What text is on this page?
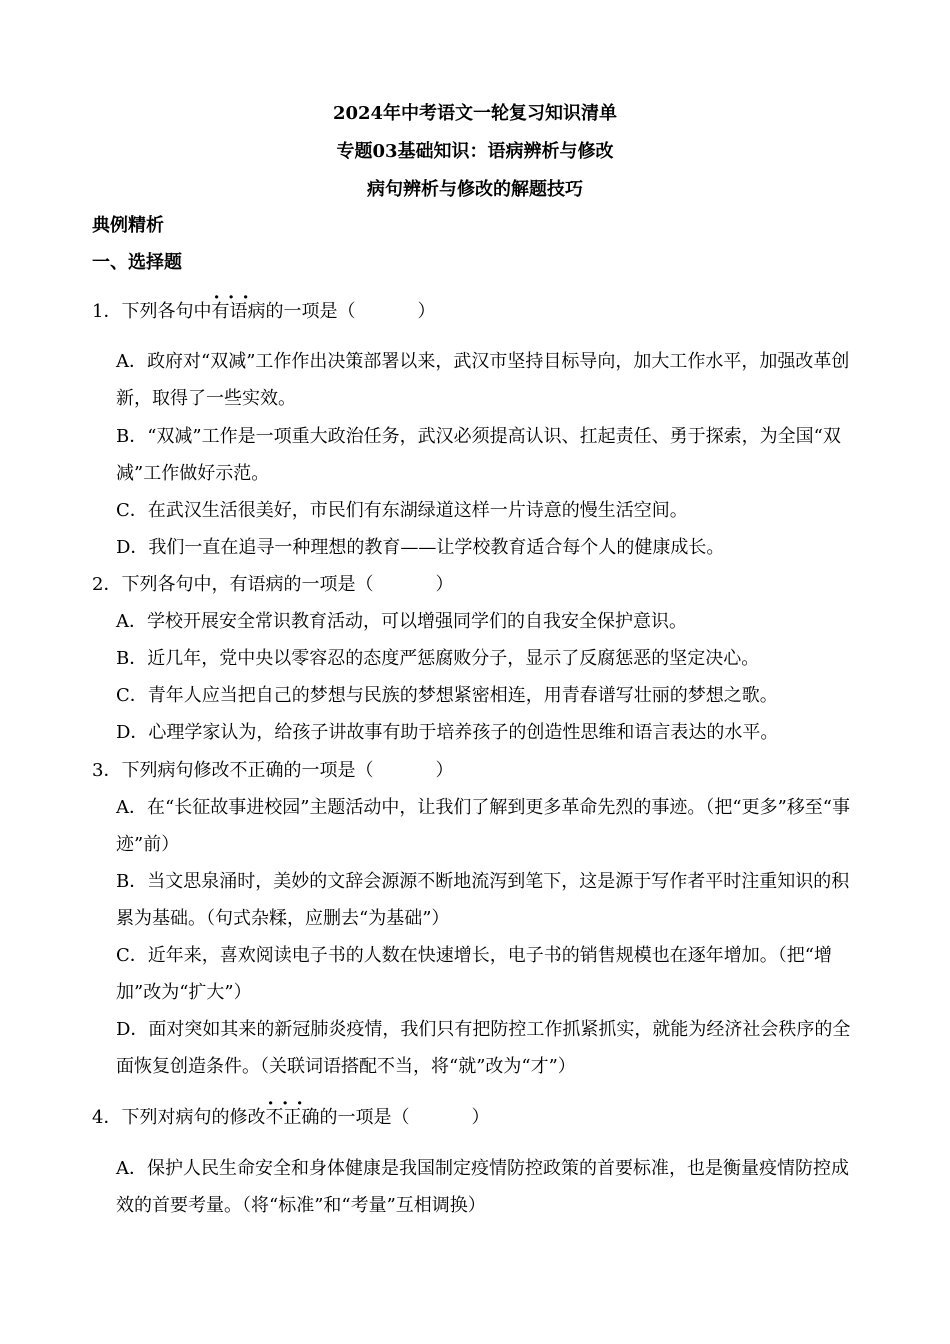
2024年中考语文一轮复习知识清单
专题03基础知识：语病辨析与修改
病句辨析与修改的解题技巧
典例精析
一、选择题
1．下列各句中· · · 有语病的一项是（	）
A．政府对“双减”工作作出决策部署以来，武汉市坚持目标导向，加大工作水平，加强改革创新，取得了一些实效。
B．“双减”工作是一项重大政治任务，武汉必须提高认识、扛起责任、勇于探索，为全国“双减”工作做好示范。
C．在武汉生活很美好，市民们有东湖绿道这样一片诗意的慢生活空间。
D．我们一直在追寻一种理想的教育——让学校教育适合每个人的健康成长。
2．下列各句中，有语病的一项是（	）
A．学校开展安全常识教育活动，可以增强同学们的自我安全保护意识。
B．近几年，党中央以零容忍的态度严惩腐败分子，显示了反腐惩恶的坚定决心。
C．青年人应当把自己的梦想与民族的梦想紧密相连，用青春谱写壮丽的梦想之歌。
D．心理学家认为，给孩子讲故事有助于培养孩子的创造性思维和语言表达的水平。
3．下列病句修改不正确的一项是（	）
A．在“长征故事进校园”主题活动中，让我们了解到更多革命先烈的事迹。（把“更多”移至“事迹”前）
B．当文思泉涌时，美妙的文辞会源源不断地流泻到笔下，这是源于写作者平时注重知识的积累为基础。（句式杂糅，应删去“为基础”）
C．近年来，喜欢阅读电子书的人数在快速增长，电子书的销售规模也在逐年增加。（把“增加”改为“扩大”）
D．面对突如其来的新冠肺炎疫情，我们只有把防控工作抓紧抓实，就能为经济社会秩序的全面恢复创造条件。（关联词语搭配不当，将“就”改为“才”）
4．下列对病句的修改· · · 不正确的一项是（	）
A．保护人民生命安全和身体健康是我国制定疫情防控政策的首要标准，也是衡量疫情防控成效的首要考量。（将“标准”和“考量”互相调换）
